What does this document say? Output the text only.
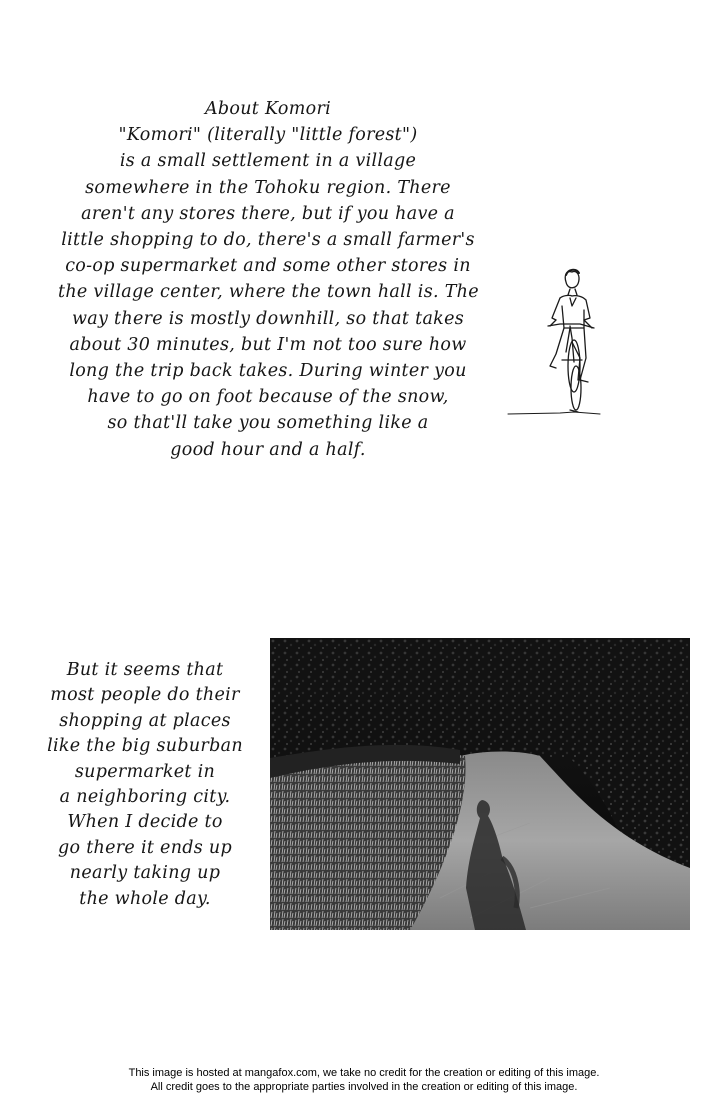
About Komori
"Komori" (literally "little forest")
is a small settlement in a village
somewhere in the Tohoku region. There
aren't any stores there, but if you have a
little shopping to do, there's a small farmer's
co-op supermarket and some other stores in
the village center, where the town hall is. The
way there is mostly downhill, so that takes
about 30 minutes, but I'm not too sure how
long the trip back takes. During winter you
have to go on foot because of the snow,
so that'll take you something like a
good hour and a half.
But it seems that
most people do their
shopping at places
like the big suburban
supermarket in
a neighboring city.
When I decide to
go there it ends up
nearly taking up
the whole day.
This image is hosted at mangafox.com, we take no credit for the creation or editing of this image.
All credit goes to the appropriate parties involved in the creation or editing of this image.
